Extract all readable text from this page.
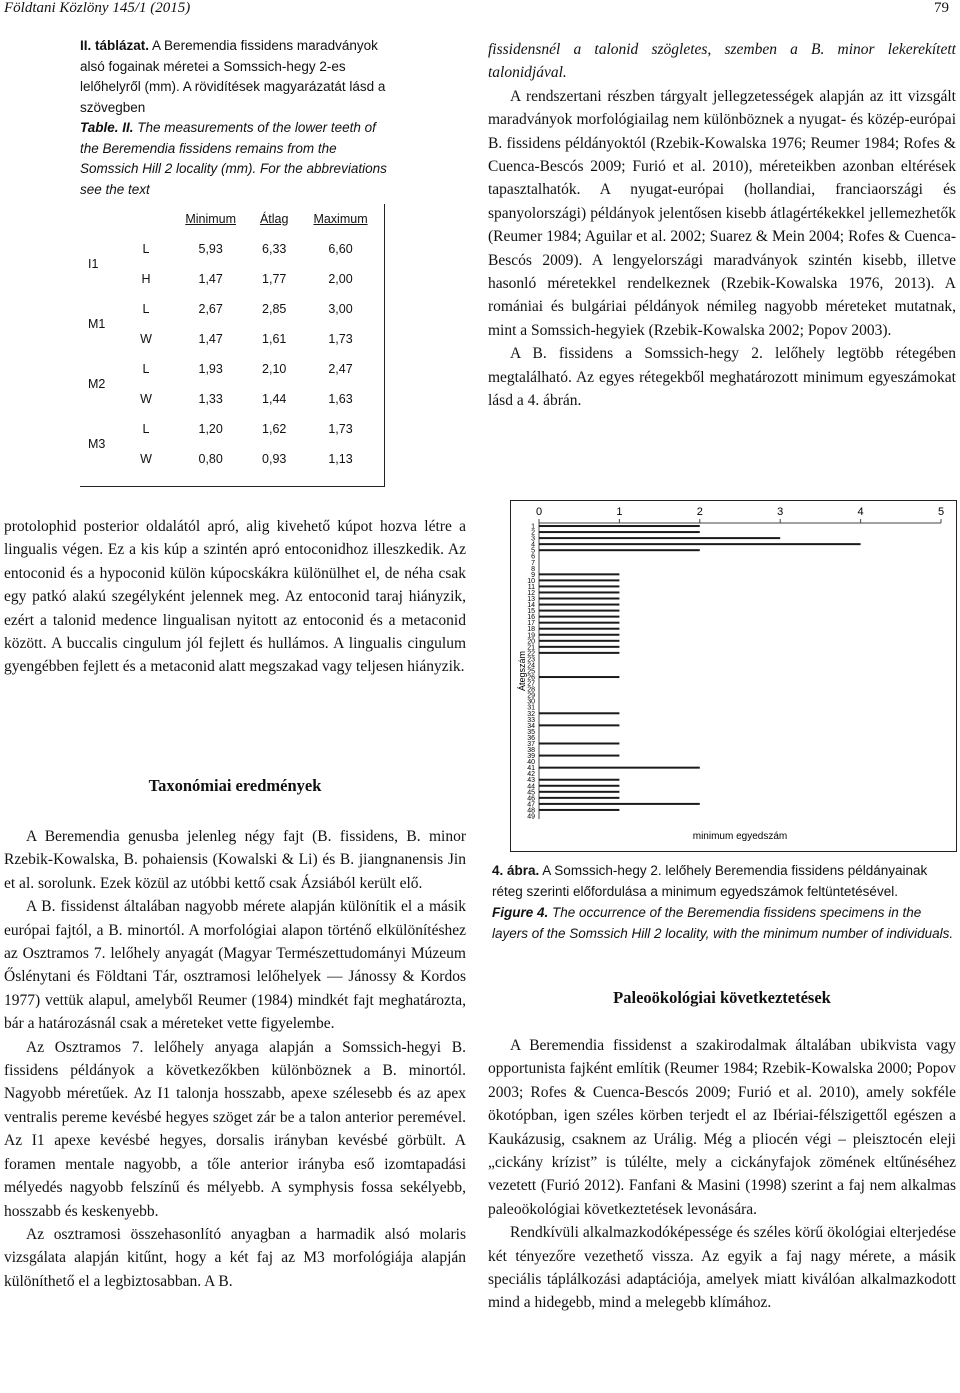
Földtani Közlöny 145/1 (2015)	79
II. táblázat. A Beremendia fissidens maradványok alsó fogainak méretei a Somssich-hegy 2-es lelőhelyről (mm). A rövidítések magyarázatát lásd a szövegben
Table. II. The measurements of the lower teeth of the Beremendia fissidens remains from the Somssich Hill 2 locality (mm). For the abbreviations see the text
		Minimum	Átlag	Maximum
I1	L	5,93	6,33	6,60
	H	1,47	1,77	2,00
M1	L	2,67	2,85	3,00
	W	1,47	1,61	1,73
M2	L	1,93	2,10	2,47
	W	1,33	1,44	1,63
M3	L	1,20	1,62	1,73
	W	0,80	0,93	1,13

fissidensnél a talonid szögletes, szemben a B. minor lekerekített talonidjával.

A rendszertani részben tárgyalt jellegzetességek alapján az itt vizsgált maradványok morfológiailag nem különböznek a nyugat- és közép-európai B. fissidens példányoktól (Rzebik-Kowalska 1976; Reumer 1984; Rofes & Cuenca-Bescós 2009; Furió et al. 2010), méreteikben azonban eltérések tapasztalhatók. A nyugat-európai (hollandiai, franciaországi és spanyolországi) példányok jelentősen kisebb átlagértékekkel jellemezhetők (Reumer 1984; Aguilar et al. 2002; Suarez & Mein 2004; Rofes & Cuenca-Bescós 2009). A lengyelországi maradványok szintén kisebb, illetve hasonló méretekkel rendelkeznek (Rzebik-Kowalska 1976, 2013). A romániai és bulgáriai példányok némileg nagyobb méreteket mutatnak, mint a Somssich-hegyiek (Rzebik-Kowalska 2002; Popov 2003).

A B. fissidens a Somssich-hegy 2. lelőhely legtöbb rétegében megtalálható. Az egyes rétegekből meghatározott minimum egyeszámokat lásd a 4. ábrán.

protolophid posterior oldalától apró, alig kivehető kúpot hozva létre a lingualis végen. Ez a kis kúp a szintén apró entoconidhoz illeszkedik. Az entoconid és a hypoconid külön kúpocskákra különülhet el, de néha csak egy patkó alakú szegélyként jelennek meg. Az entoconid taraj hiányzik, ezért a talonid medence lingualisan nyitott az entoconid és a metaconid között. A buccalis cingulum jól fejlett és hullámos. A lingualis cingulum gyengébben fejlett és a metaconid alatt megszakad vagy teljesen hiányzik.

Taxonómiai eredmények

A Beremendia genusba jelenleg négy fajt (B. fissidens, B. minor Rzebik-Kowalska, B. pohaiensis (Kowalski & Li) és B. jiangnanensis Jin et al. sorolunk. Ezek közül az utóbbi kettő csak Ázsiából került elő.

A B. fissidenst általában nagyobb mérete alapján különítik el a másik európai fajtól, a B. minortól. A morfológiai alapon történő elkülönítéshez az Osztramos 7. lelőhely anyagát (Magyar Természettudományi Múzeum Őslénytani és Földtani Tár, osztramosi lelőhelyek — Jánossy & Kordos 1977) vettük alapul, amelyből Reumer (1984) mindkét fajt meghatározta, bár a határozásnál csak a méreteket vette figyelembe.

Az Osztramos 7. lelőhely anyaga alapján a Somssich-hegyi B. fissidens példányok a következőkben különböznek a B. minortól. Nagyobb méretűek. Az I1 talonja hosszabb, apexe szélesebb és az apex ventralis pereme kevésbé hegyes szöget zár be a talon anterior peremével. Az I1 apexe kevésbé hegyes, dorsalis irányban kevésbé görbült. A foramen mentale nagyobb, a tőle anterior irányba eső izomtapadási mélyedés nagyobb felszínű és mélyebb. A symphysis fossa sekélyebb, hosszabb és keskenyebb.

Az osztramosi összehasonlító anyagban a harmadik alsó molaris vizsgálata alapján kitűnt, hogy a két faj az M3 morfológiája alapján különíthető el a legbiztosabban. A B.

0	1	2	3	4	5
1
2
3
4
5
6
7
8
9
10
11
12
13
14
15
16
17
18
19
20
21
22
23
24
25
26
27
28
29
30
31
32
33
34
35
36
37
38
39
40
41
42
43
44
45
46
47
48
49
Átegszám
minimum egyedszám
4. ábra. A Somssich-hegy 2. lelőhely Beremendia fissidens példányainak réteg szerinti előfordulása a minimum egyedszámok feltüntetésével.
Figure 4. The occurrence of the Beremendia fissidens specimens in the layers of the Somssich Hill 2 locality, with the minimum number of individuals.
Paleoökológiai következtetések

A Beremendia fissidenst a szakirodalmak általában ubikvista vagy opportunista fajként említik (Reumer 1984; Rzebik-Kowalska 2000; Popov 2003; Rofes & Cuenca-Bescós 2009; Furió et al. 2010), amely sokféle ökotópban, igen széles körben terjedt el az Ibériai-félszigettől egészen a Kaukázusig, csaknem az Urálig. Még a pliocén végi – pleisztocén eleji „cickány krízist” is túlélte, mely a cickányfajok zömének eltűnéséhez vezetett (Furió 2012). Fanfani & Masini (1998) szerint a faj nem alkalmas paleoökológiai következtetések levonására.

Rendkívüli alkalmazkodóképessége és széles körű ökológiai elterjedése két tényezőre vezethető vissza. Az egyik a faj nagy mérete, a másik speciális táplálkozási adaptációja, amelyek miatt kiválóan alkalmazkodott mind a hidegebb, mind a melegebb klímához.
